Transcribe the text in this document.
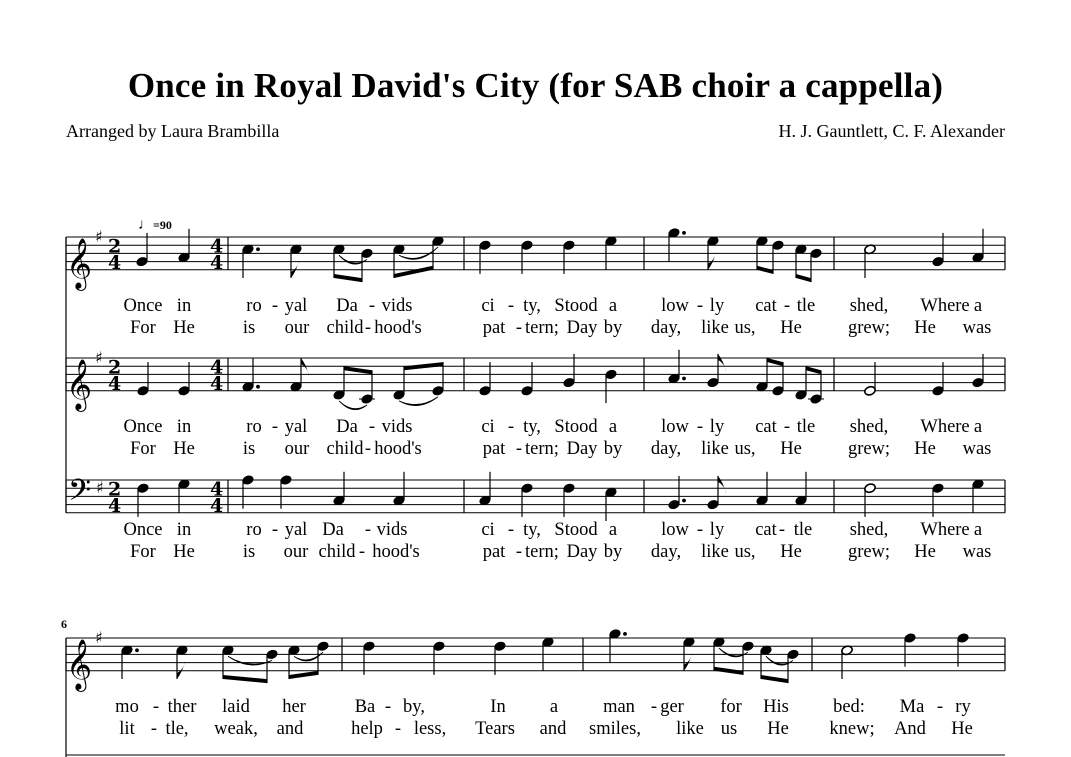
Once in Royal David's City (for SAB choir a cappella)
Arranged by Laura Brambilla	H. J. Gauntlett, C. F. Alexander
♩=90
6
𝄞
♯ 2
4
4
4
𝄞
♯ 2
4
4
4
𝄢 ♯ 2
4
4
4
𝄞
♯
Once in	ro - yal Da - vids	ci - ty, Stood a low - ly cat - tle shed, Where a
For He	is our child - hood's	pat - tern; Day by day, like us, He grew; He was
Once in	ro - yal Da - vids	ci - ty, Stood a low - ly cat - tle shed, Where a
For He	is our child - hood's	pat - tern; Day by day, like us, He grew; He was
Once in	ro - yal Da - vids	ci - ty, Stood a low - ly cat - tle shed, Where a
For He	is our child - hood's	pat - tern; Day by day, like us, He grew; He was
mo - ther laid her	Ba - by,	In a man - ger for His bed: Ma - ry
lit - tle, weak, and	help - less, Tears and smiles, like us He knew; And He
